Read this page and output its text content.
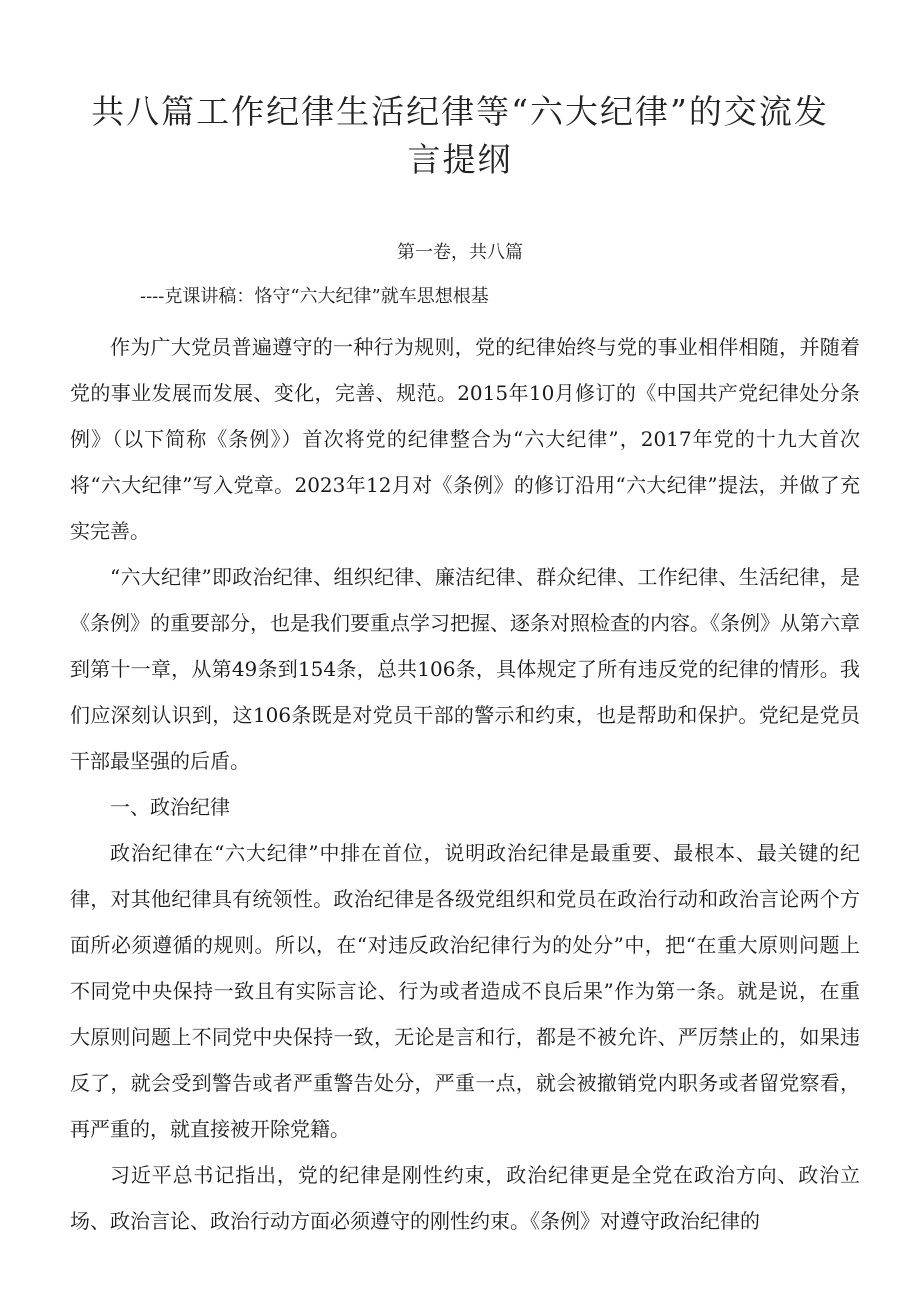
共八篇工作纪律生活纪律等“六大纪律”的交流发言提纲
第一卷，共八篇
----克课讲稿：恪守“六大纪律”就车思想根基

作为广大党员普遍遵守的一种行为规则，党的纪律始终与党的事业相伴相随，并随着党的事业发展而发展、变化，完善、规范。2015年10月修订的《中国共产党纪律处分条例》（以下简称《条例》）首次将党的纪律整合为“六大纪律”，2017年党的十九大首次将“六大纪律”写入党章。2023年12月对《条例》的修订沿用“六大纪律”提法，并做了充实完善。

“六大纪律”即政治纪律、组织纪律、廉洁纪律、群众纪律、工作纪律、生活纪律，是《条例》的重要部分，也是我们要重点学习把握、逐条对照检查的内容。《条例》从第六章到第十一章，从第49条到154条，总共106条，具体规定了所有违反党的纪律的情形。我们应深刻认识到，这106条既是对党员干部的警示和约束，也是帮助和保护。党纪是党员干部最坚强的后盾。

一、政治纪律

政治纪律在“六大纪律”中排在首位，说明政治纪律是最重要、最根本、最关键的纪律，对其他纪律具有统领性。政治纪律是各级党组织和党员在政治行动和政治言论两个方面所必须遵循的规则。所以，在“对违反政治纪律行为的处分”中，把“在重大原则问题上不同党中央保持一致且有实际言论、行为或者造成不良后果”作为第一条。就是说，在重大原则问题上不同党中央保持一致，无论是言和行，都是不被允许、严厉禁止的，如果违反了，就会受到警告或者严重警告处分，严重一点，就会被撤销党内职务或者留党察看，再严重的，就直接被开除党籍。

习近平总书记指出，党的纪律是刚性约束，政治纪律更是全党在政治方向、政治立场、政治言论、政治行动方面必须遵守的刚性约束。《条例》对遵守政治纪律的
